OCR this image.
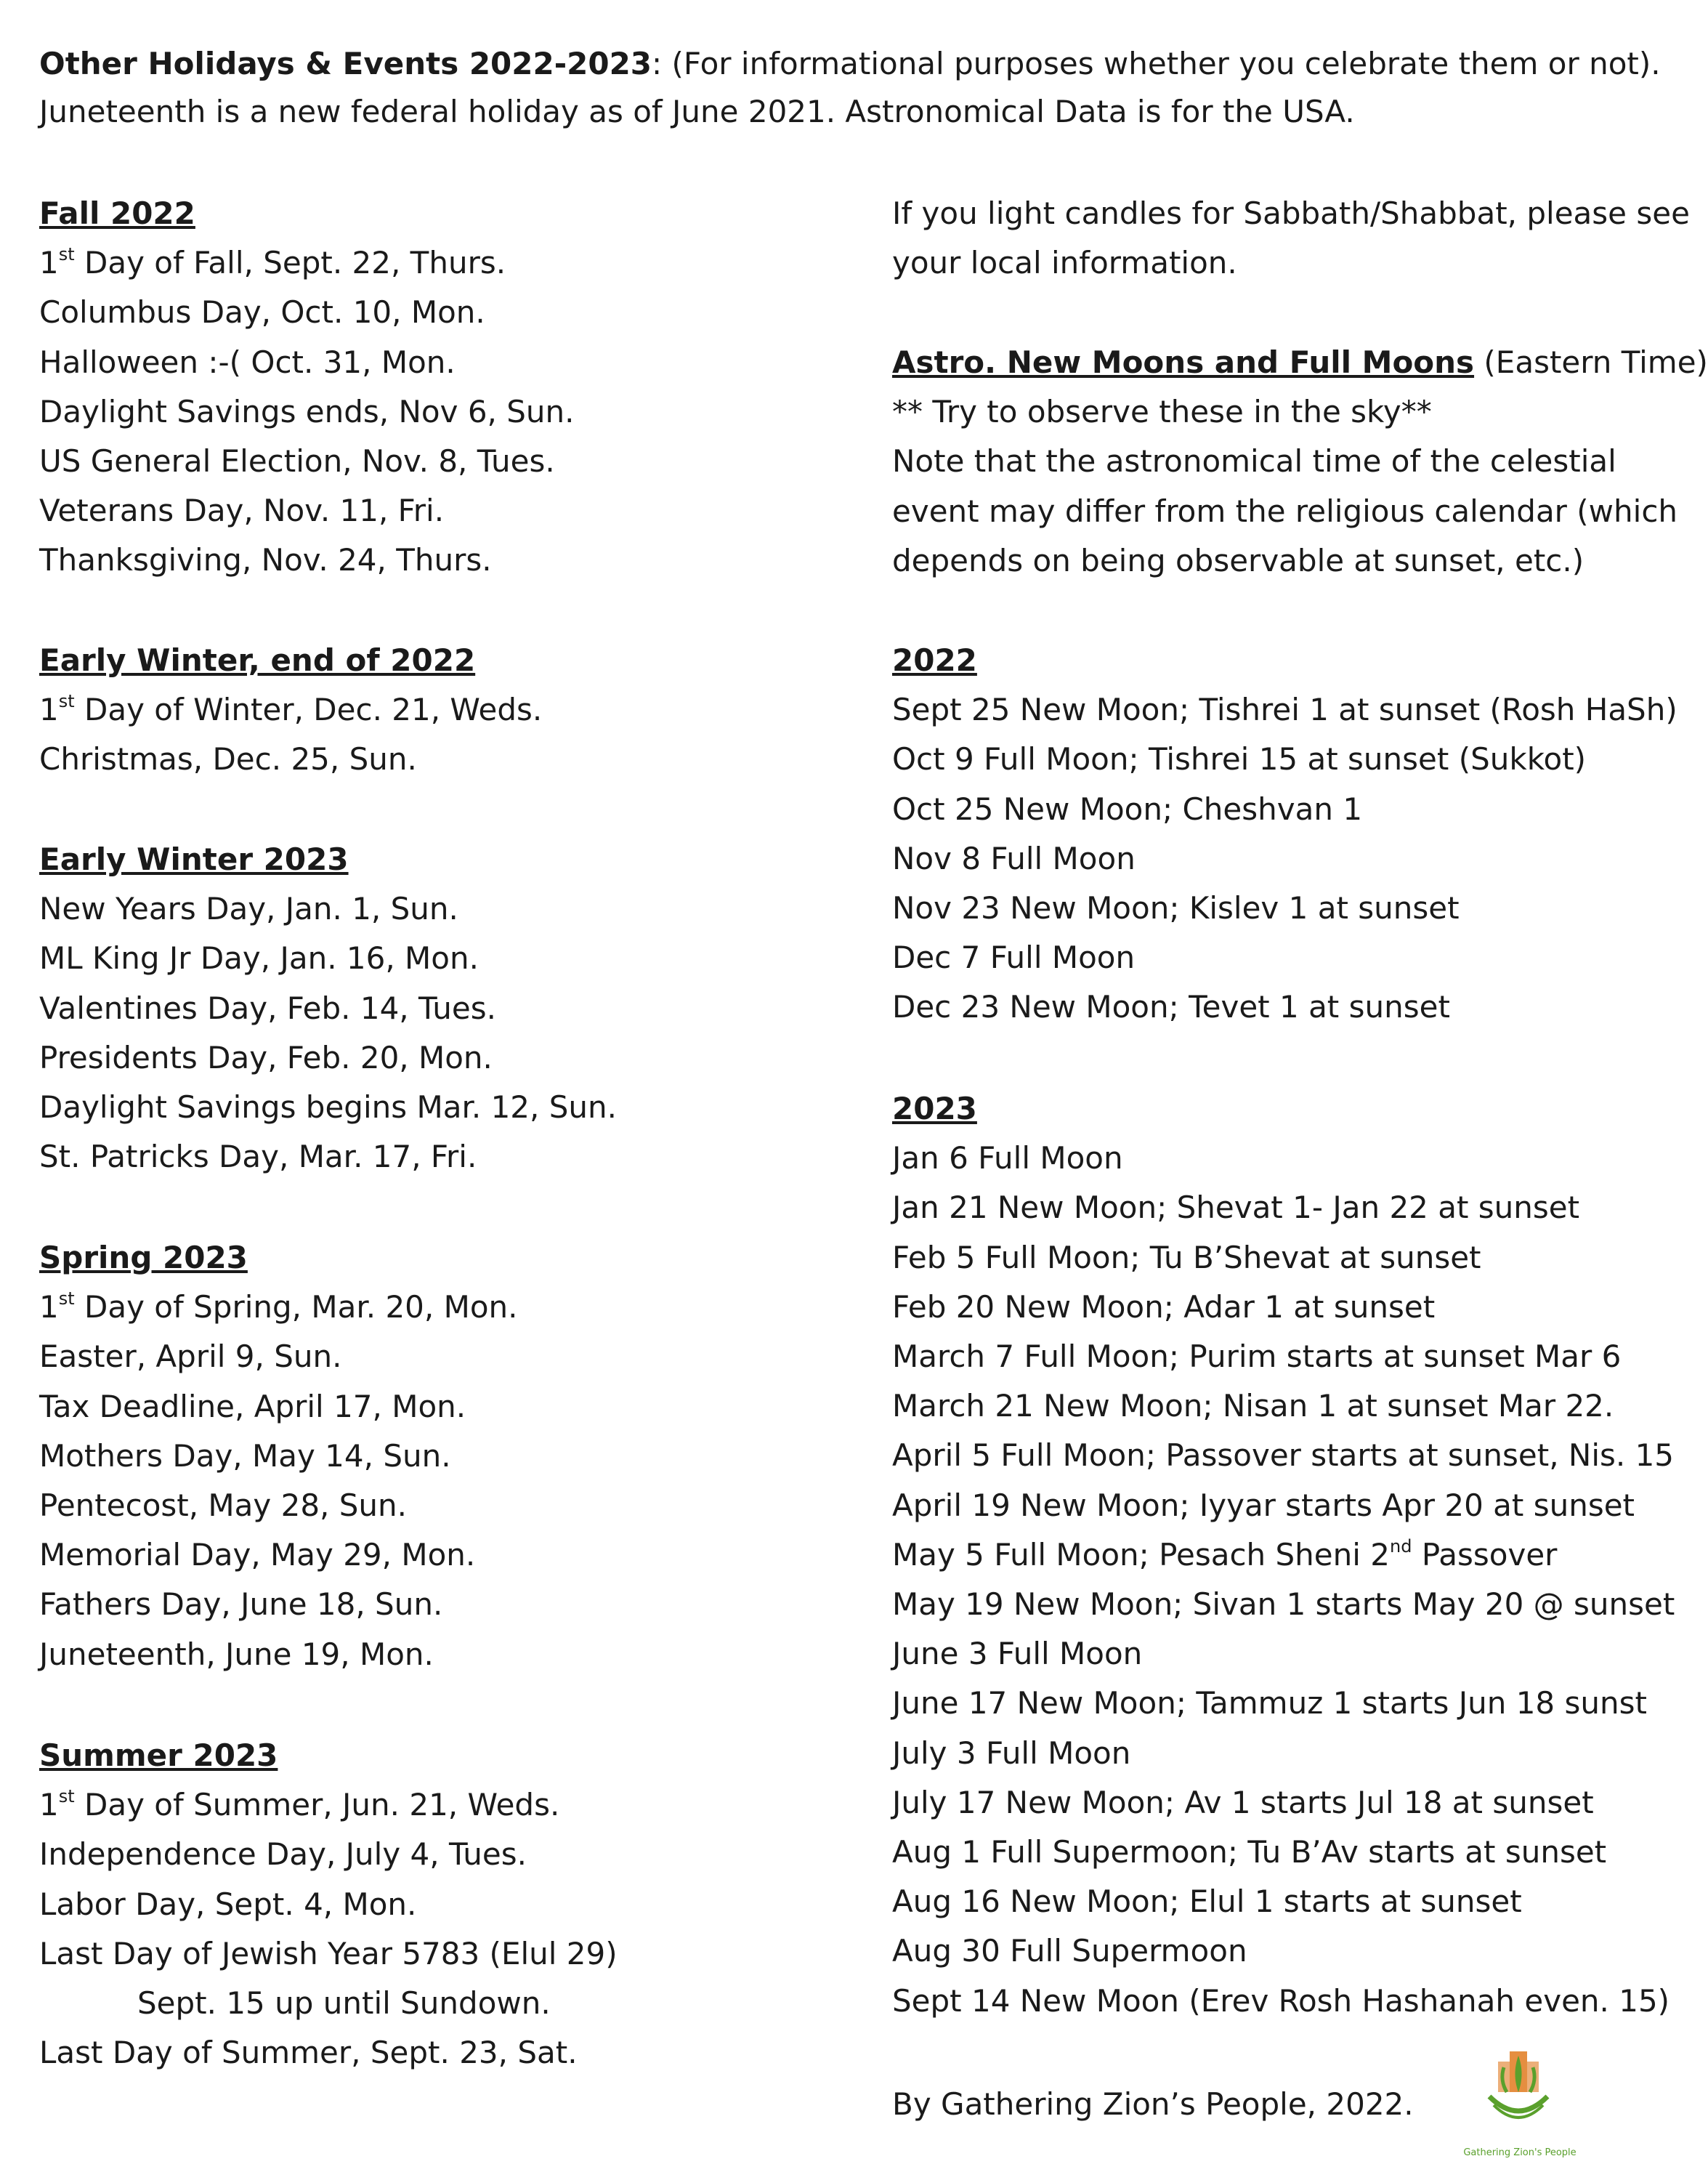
Other Holidays & Events 2022-2023: (For informational purposes whether you celebrate them or not).
Juneteenth is a new federal holiday as of June 2021. Astronomical Data is for the USA.
Fall 2022
1st Day of Fall, Sept. 22, Thurs.
Columbus Day, Oct. 10, Mon.
Halloween :-( Oct. 31, Mon.
Daylight Savings ends, Nov 6, Sun.
US General Election, Nov. 8, Tues.
Veterans Day, Nov. 11, Fri.
Thanksgiving, Nov. 24, Thurs.
Early Winter, end of 2022
1st Day of Winter, Dec. 21, Weds.
Christmas, Dec. 25, Sun.
Early Winter 2023
New Years Day, Jan. 1, Sun.
ML King Jr Day, Jan. 16, Mon.
Valentines Day, Feb. 14, Tues.
Presidents Day, Feb. 20, Mon.
Daylight Savings begins Mar. 12, Sun.
St. Patricks Day, Mar. 17, Fri.
Spring 2023
1st Day of Spring, Mar. 20, Mon.
Easter, April 9, Sun.
Tax Deadline, April 17, Mon.
Mothers Day, May 14, Sun.
Pentecost, May 28, Sun.
Memorial Day, May 29, Mon.
Fathers Day, June 18, Sun.
Juneteenth, June 19, Mon.
Summer 2023
1st Day of Summer, Jun. 21, Weds.
Independence Day, July 4, Tues.
Labor Day, Sept. 4, Mon.
Last Day of Jewish Year 5783 (Elul 29)
Sept. 15 up until Sundown.
Last Day of Summer, Sept. 23, Sat.
If you light candles for Sabbath/Shabbat, please see
your local information.
Astro. New Moons and Full Moons (Eastern Time)
** Try to observe these in the sky**
Note that the astronomical time of the celestial
event may differ from the religious calendar (which
depends on being observable at sunset, etc.)
2022
Sept 25 New Moon; Tishrei 1 at sunset (Rosh HaSh)
Oct 9 Full Moon; Tishrei 15 at sunset (Sukkot)
Oct 25 New Moon; Cheshvan 1
Nov 8 Full Moon
Nov 23 New Moon; Kislev 1 at sunset
Dec 7 Full Moon
Dec 23 New Moon; Tevet 1 at sunset
2023
Jan 6 Full Moon
Jan 21 New Moon; Shevat 1- Jan 22 at sunset
Feb 5 Full Moon; Tu B’Shevat at sunset
Feb 20 New Moon; Adar 1 at sunset
March 7 Full Moon; Purim starts at sunset Mar 6
March 21 New Moon; Nisan 1 at sunset Mar 22.
April 5 Full Moon; Passover starts at sunset, Nis. 15
April 19 New Moon; Iyyar starts Apr 20 at sunset
May 5 Full Moon; Pesach Sheni 2nd Passover
May 19 New Moon; Sivan 1 starts May 20 @ sunset
June 3 Full Moon
June 17 New Moon; Tammuz 1 starts Jun 18 sunst
July 3 Full Moon
July 17 New Moon; Av 1 starts Jul 18 at sunset
Aug 1 Full Supermoon; Tu B’Av starts at sunset
Aug 16 New Moon; Elul 1 starts at sunset
Aug 30 Full Supermoon
Sept 14 New Moon (Erev Rosh Hashanah even. 15)
By Gathering Zion’s People, 2022.
Gathering Zion's People
